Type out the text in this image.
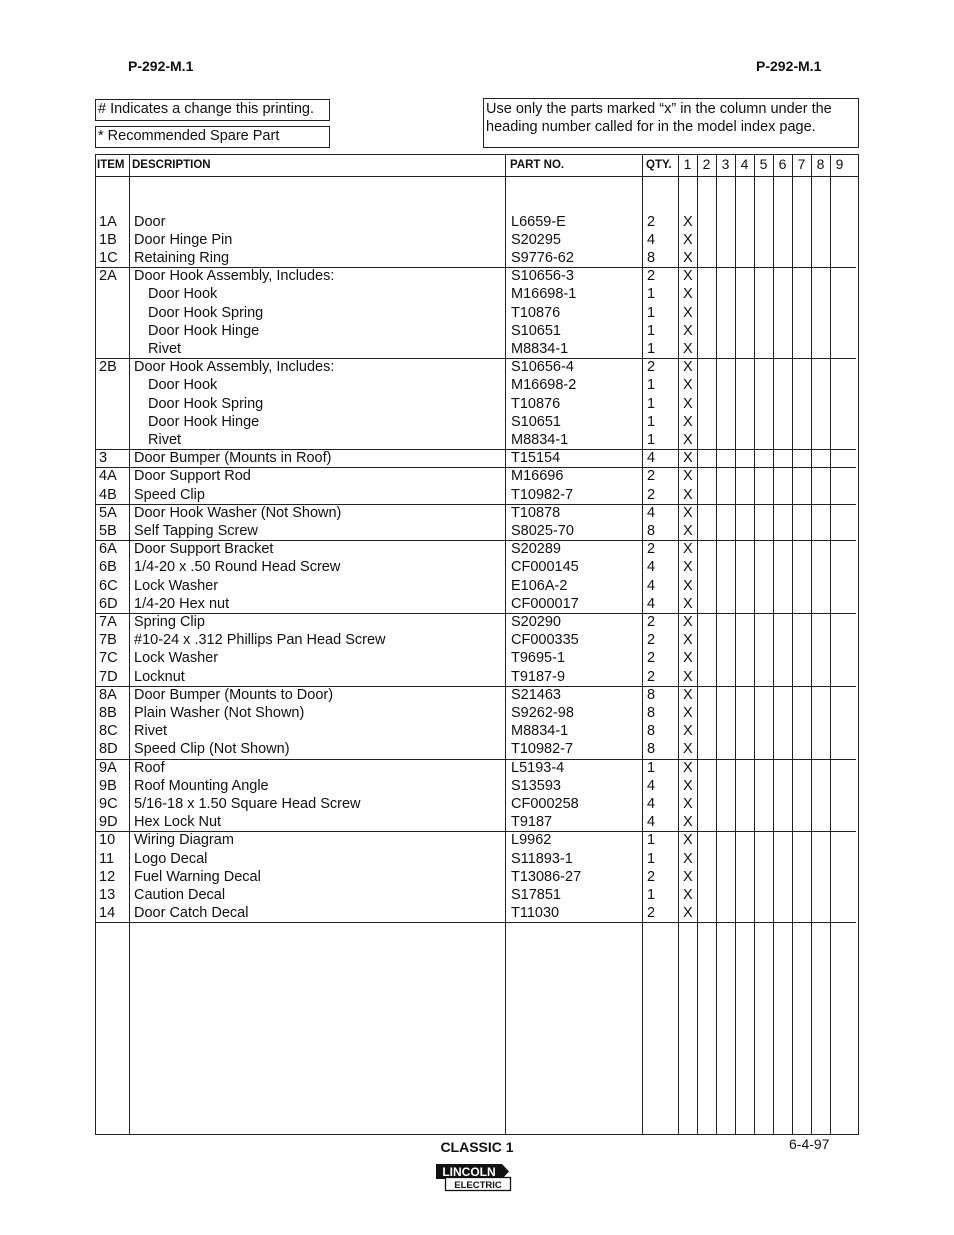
P-292-M.1	P-292-M.1
# Indicates a change this printing.
* Recommended Spare Part
Use only the parts marked “x” in the column under the
heading number called for in the model index page.
ITEM DESCRIPTION	PART NO.	QTY. 1 2 3 4 5 6 7 8 9
1A Door	L6659-E	2 X
1B Door Hinge Pin	S20295	4 X
1C Retaining Ring	S9776-62	8 X
2A Door Hook Assembly, Includes:	S10656-3	2 X
Door Hook	M16698-1	1 X
Door Hook Spring	T10876	1 X
Door Hook Hinge	S10651	1 X
Rivet	M8834-1	1 X
2B Door Hook Assembly, Includes:	S10656-4	2 X
Door Hook	M16698-2	1 X
Door Hook Spring	T10876	1 X
Door Hook Hinge	S10651	1 X
Rivet	M8834-1	1 X
3 Door Bumper (Mounts in Roof)	T15154	4 X
4A Door Support Rod	M16696	2 X
4B Speed Clip	T10982-7	2 X
5A Door Hook Washer (Not Shown)	T10878	4 X
5B Self Tapping Screw	S8025-70	8 X
6A Door Support Bracket	S20289	2 X
6B 1/4-20 x .50 Round Head Screw	CF000145	4 X
6C Lock Washer	E106A-2	4 X
6D 1/4-20 Hex nut	CF000017	4 X
7A Spring Clip	S20290	2 X
7B #10-24 x .312 Phillips Pan Head Screw	CF000335	2 X
7C Lock Washer	T9695-1	2 X
7D Locknut	T9187-9	2 X
8A Door Bumper (Mounts to Door)	S21463	8 X
8B Plain Washer (Not Shown)	S9262-98	8 X
8C Rivet	M8834-1	8 X
8D Speed Clip (Not Shown)	T10982-7	8 X
9A Roof	L5193-4	1 X
9B Roof Mounting Angle	S13593	4 X
9C 5/16-18 x 1.50 Square Head Screw	CF000258	4 X
9D Hex Lock Nut	T9187	4 X
10 Wiring Diagram	L9962	1 X
11 Logo Decal	S11893-1	1 X
12 Fuel Warning Decal	T13086-27	2 X
13 Caution Decal	S17851	1 X
14 Door Catch Decal	T11030	2 X
CLASSIC 1	6-4-97
LINCOLN
ELECTRIC
